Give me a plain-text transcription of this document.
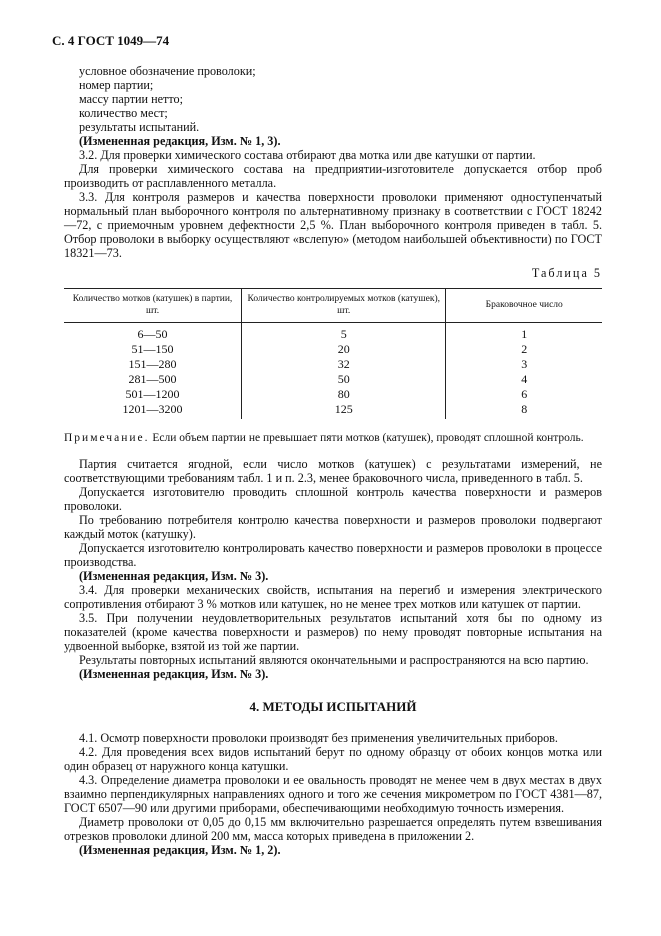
С. 4 ГОСТ 1049—74

условное обозначение проволоки;

номер партии;

массу партии нетто;

количество мест;

результаты испытаний.

(Измененная редакция, Изм. № 1, 3).

3.2. Для проверки химического состава отбирают два мотка или две катушки от партии.

Для проверки химического состава на предприятии-изготовителе допускается отбор проб производить от расплавленного металла.

3.3. Для контроля размеров и качества поверхности проволоки применяют одноступенчатый нормальный план выборочного контроля по альтернативному признаку в соответствии с ГОСТ 18242—72, с приемочным уровнем дефектности 2,5 %. План выборочного контроля приведен в табл. 5. Отбор проволоки в выборку осуществляют «вслепую» (методом наибольшей объективности) по ГОСТ 18321—73.

Таблица 5
Количество мотков (катушек) в партии, шт.	Количество контролируемых мотков (катушек), шт.	Браковочное число
6—50	5	1
51—150	20	2
151—280	32	3
281—500	50	4
501—1200	80	6
1201—3200	125	8

Примечание. Если объем партии не превышает пяти мотков (катушек), проводят сплошной контроль.

Партия считается ягодной, если число мотков (катушек) с результатами измерений, не соответствующими требованиям табл. 1 и п. 2.3, менее браковочного числа, приведенного в табл. 5.

Допускается изготовителю проводить сплошной контроль качества поверхности и размеров проволоки.

По требованию потребителя контролю качества поверхности и размеров проволоки подвергают каждый моток (катушку).

Допускается изготовителю контролировать качество поверхности и размеров проволоки в процессе производства.

(Измененная редакция, Изм. № 3).

3.4. Для проверки механических свойств, испытания на перегиб и измерения электрического сопротивления отбирают 3 % мотков или катушек, но не менее трех мотков или катушек от партии.

3.5. При получении неудовлетворительных результатов испытаний хотя бы по одному из показателей (кроме качества поверхности и размеров) по нему проводят повторные испытания на удвоенной выборке, взятой из той же партии.

Результаты повторных испытаний являются окончательными и распространяются на всю партию.

(Измененная редакция, Изм. № 3).

4. МЕТОДЫ ИСПЫТАНИЙ

4.1. Осмотр поверхности проволоки производят без применения увеличительных приборов.

4.2. Для проведения всех видов испытаний берут по одному образцу от обоих концов мотка или один образец от наружного конца катушки.

4.3. Определение диаметра проволоки и ее овальность проводят не менее чем в двух местах в двух взаимно перпендикулярных направлениях одного и того же сечения микрометром по ГОСТ 4381—87, ГОСТ 6507—90 или другими приборами, обеспечивающими необходимую точность измерения.

Диаметр проволоки от 0,05 до 0,15 мм включительно разрешается определять путем взвешивания отрезков проволоки длиной 200 мм, масса которых приведена в приложении 2.

(Измененная редакция, Изм. № 1, 2).
